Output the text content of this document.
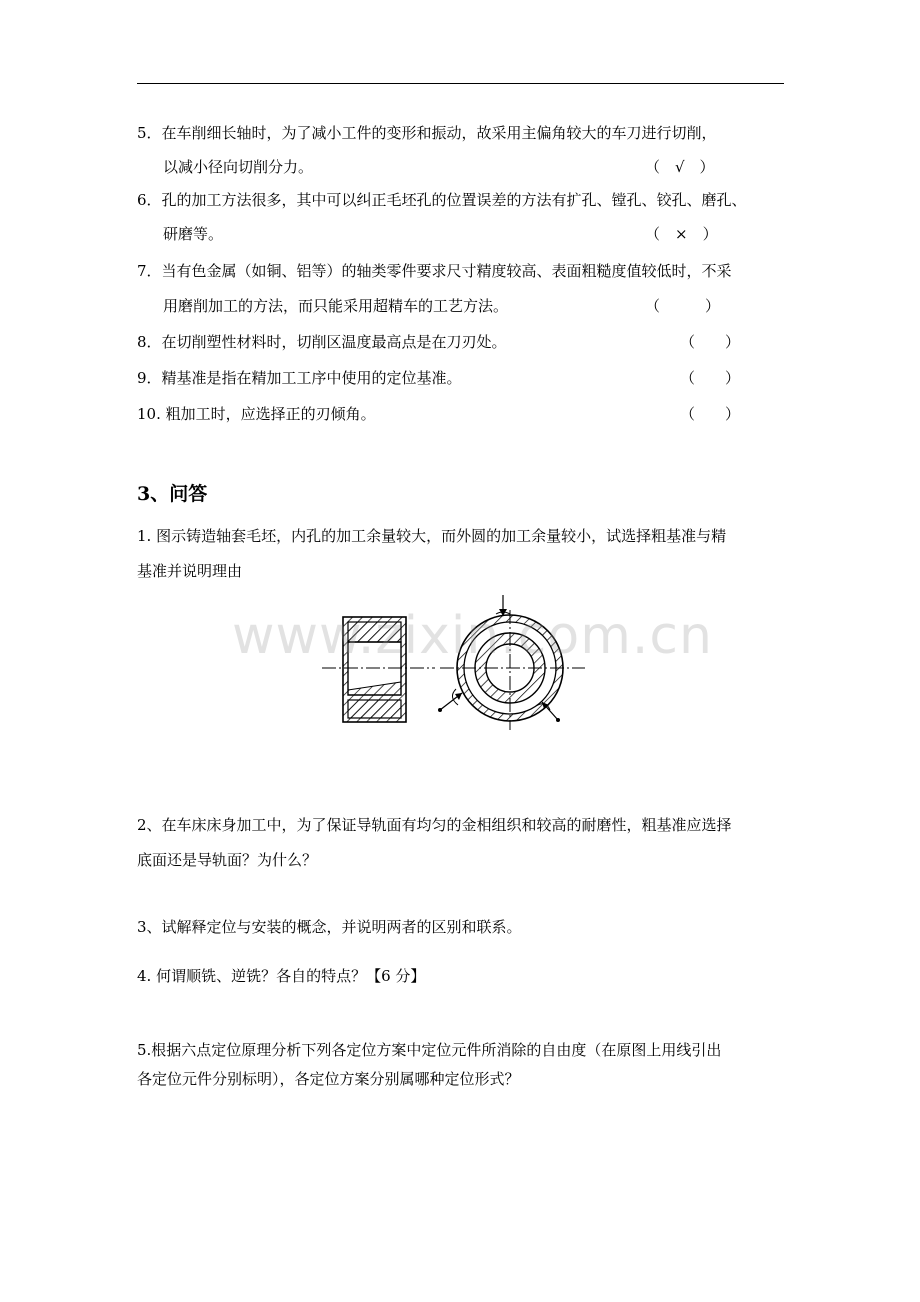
5．在车削细长轴时，为了减小工件的变形和振动，故采用主偏角较大的车刀进行切削，
以减小径向切削分力。	（　√　）
6．孔的加工方法很多，其中可以纠正毛坯孔的位置误差的方法有扩孔、镗孔、铰孔、磨孔、
研磨等。	（　×　）
7．当有色金属（如铜、铝等）的轴类零件要求尺寸精度较高、表面粗糙度值较低时，不采
用磨削加工的方法，而只能采用超精车的工艺方法。	（　　　）
8．在切削塑性材料时，切削区温度最高点是在刀刃处。	（　　）
9．精基准是指在精加工工序中使用的定位基准。	（　　）
10. 粗加工时，应选择正的刃倾角。	（　　）
3、问答
1. 图示铸造轴套毛坯，内孔的加工余量较大，而外圆的加工余量较小，试选择粗基准与精
基准并说明理由
www.zixin.com.cn
2、在车床床身加工中，为了保证导轨面有均匀的金相组织和较高的耐磨性，粗基准应选择
底面还是导轨面？为什么？
3、试解释定位与安装的概念，并说明两者的区别和联系。
4. 何谓顺铣、逆铣？各自的特点？【6 分】
5.根据六点定位原理分析下列各定位方案中定位元件所消除的自由度（在原图上用线引出
各定位元件分别标明），各定位方案分别属哪种定位形式？
